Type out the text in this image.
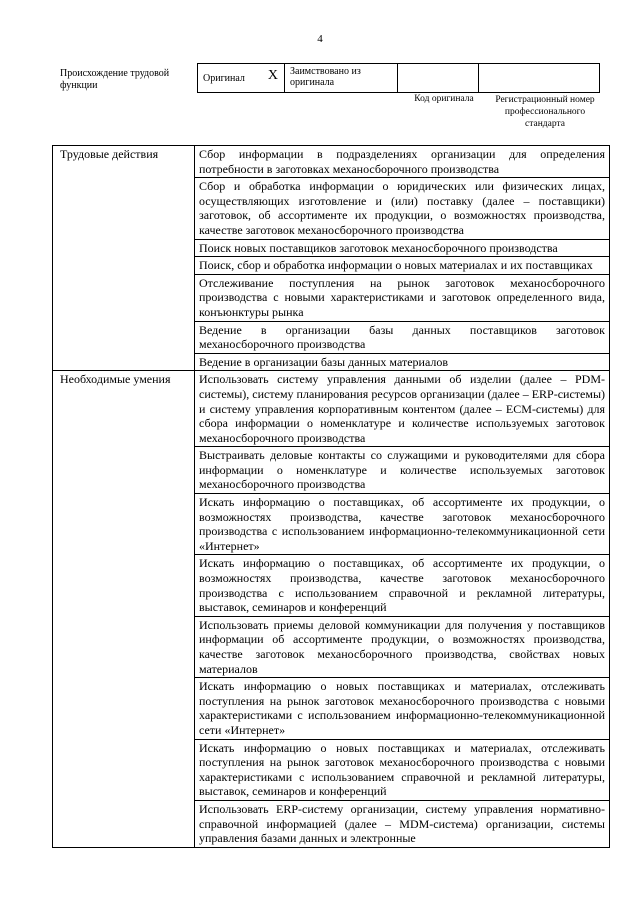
4
Происхождение трудовой функции
Оригинал X	Заимствовано из оригинала		
Код оригинала	Регистрационный номер профессионального стандарта
Трудовые действия	Сбор информации в подразделениях организации для определения потребности в заготовках механосборочного производства
	Сбор и обработка информации о юридических или физических лицах, осуществляющих изготовление и (или) поставку (далее – поставщики) заготовок, об ассортименте их продукции, о возможностях производства, качестве заготовок механосборочного производства
	Поиск новых поставщиков заготовок механосборочного производства
	Поиск, сбор и обработка информации о новых материалах и их поставщиках
	Отслеживание поступления на рынок заготовок механосборочного производства с новыми характеристиками и заготовок определенного вида, конъюнктуры рынка
	Ведение в организации базы данных поставщиков заготовок механосборочного производства
	Ведение в организации базы данных материалов
Необходимые умения	Использовать систему управления данными об изделии (далее – PDM-системы), систему планирования ресурсов организации (далее – ERP-системы) и систему управления корпоративным контентом (далее – ECM-системы) для сбора информации о номенклатуре и количестве используемых заготовок механосборочного производства
	Выстраивать деловые контакты со служащими и руководителями для сбора информации о номенклатуре и количестве используемых заготовок механосборочного производства
	Искать информацию о поставщиках, об ассортименте их продукции, о возможностях производства, качестве заготовок механосборочного производства с использованием информационно-телекоммуникационной сети «Интернет»
	Искать информацию о поставщиках, об ассортименте их продукции, о возможностях производства, качестве заготовок механосборочного производства с использованием справочной и рекламной литературы, выставок, семинаров и конференций
	Использовать приемы деловой коммуникации для получения у поставщиков информации об ассортименте продукции, о возможностях производства, качестве заготовок механосборочного производства, свойствах новых материалов
	Искать информацию о новых поставщиках и материалах, отслеживать поступления на рынок заготовок механосборочного производства с новыми характеристиками с использованием информационно-телекоммуникационной сети «Интернет»
	Искать информацию о новых поставщиках и материалах, отслеживать поступления на рынок заготовок механосборочного производства с новыми характеристиками с использованием справочной и рекламной литературы, выставок, семинаров и конференций
	Использовать ERP-систему организации, систему управления нормативно-справочной информацией (далее – MDM-система) организации, системы управления базами данных и электронные
